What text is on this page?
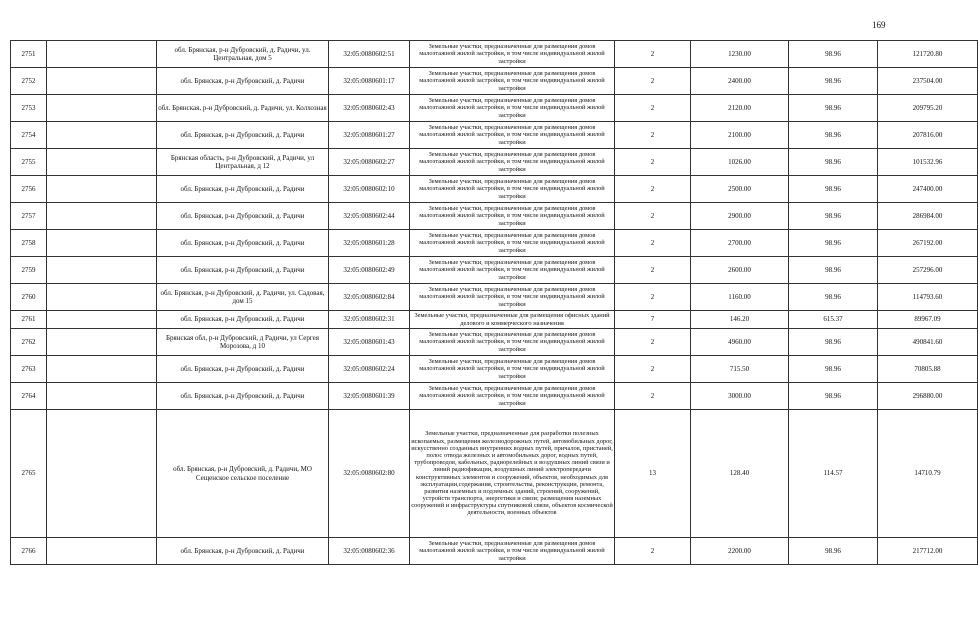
169
2751		обл. Брянская, р-н Дубровский, д. Радичи, ул. Центральная, дом 5	32:05:0080602:51	Земельные участки, предназначенные для размещения домов малоэтажной жилой застройки, в том числе индивидуальной жилой застройки	2	1230.00	98.96	121720.80
2752		обл. Брянская, р-н Дубровский, д. Радичи	32:05:0080601:17	Земельные участки, предназначенные для размещения домов малоэтажной жилой застройки, в том числе индивидуальной жилой застройки	2	2400.00	98.96	237504.00
2753		обл. Брянская, р-н Дубровский, д. Радичи, ул. Колхозная	32:05:0080602:43	Земельные участки, предназначенные для размещения домов малоэтажной жилой застройки, в том числе индивидуальной жилой застройки	2	2120.00	98.96	209795.20
2754		обл. Брянская, р-н Дубровский, д. Радичи	32:05:0080601:27	Земельные участки, предназначенные для размещения домов малоэтажной жилой застройки, в том числе индивидуальной жилой застройки	2	2100.00	98.96	207816.00
2755		Брянская область, р-н Дубровский, д Радичи, ул Центральная, д 12	32:05:0080602:27	Земельные участки, предназначенные для размещения домов малоэтажной жилой застройки, в том числе индивидуальной жилой застройки	2	1026.00	98.96	101532.96
2756		обл. Брянская, р-н Дубровский, д. Радичи	32:05:0080602:10	Земельные участки, предназначенные для размещения домов малоэтажной жилой застройки, в том числе индивидуальной жилой застройки	2	2500.00	98.96	247400.00
2757		обл. Брянская, р-н Дубровский, д. Радичи	32:05:0080602:44	Земельные участки, предназначенные для размещения домов малоэтажной жилой застройки, в том числе индивидуальной жилой застройки	2	2900.00	98.96	286984.00
2758		обл. Брянская, р-н Дубровский, д. Радичи	32:05:0080601:28	Земельные участки, предназначенные для размещения домов малоэтажной жилой застройки, в том числе индивидуальной жилой застройки	2	2700.00	98.96	267192.00
2759		обл. Брянская, р-н Дубровский, д. Радичи	32:05:0080602:49	Земельные участки, предназначенные для размещения домов малоэтажной жилой застройки, в том числе индивидуальной жилой застройки	2	2600.00	98.96	257296.00
2760		обл. Брянская, р-н Дубровский, д. Радичи, ул. Садовая, дом 15	32:05:0080602:84	Земельные участки, предназначенные для размещения домов малоэтажной жилой застройки, в том числе индивидуальной жилой застройки	2	1160.00	98.96	114793.60
2761		обл. Брянская, р-н Дубровский, д. Радичи	32:05:0080602:31	Земельные участки, предназначенные для размещения офисных зданий делового и коммерческого назначения	7	146.20	615.37	89967.09
2762		Брянская обл, р-н Дубровский, д Радичи, ул Сергея Морозова, д 10	32:05:0080601:43	Земельные участки, предназначенные для размещения домов малоэтажной жилой застройки, в том числе индивидуальной жилой застройки	2	4960.00	98.96	490841.60
2763		обл. Брянская, р-н Дубровский, д. Радичи	32:05:0080602:24	Земельные участки, предназначенные для размещения домов малоэтажной жилой застройки, в том числе индивидуальной жилой застройки	2	715.50	98.96	70805.88
2764		обл. Брянская, р-н Дубровский, д. Радичи	32:05:0080601:39	Земельные участки, предназначенные для размещения домов малоэтажной жилой застройки, в том числе индивидуальной жилой застройки	2	3000.00	98.96	296880.00
2765		обл. Брянская, р-н Дубровский, д. Радичи, МО Сещенское сельское поселение	32:05:0080602:80	Земельные участки, предназначенные для разработки полезных ископаемых, размещения железнодорожных путей, автомобильных дорог, искусственно созданных внутренних водных путей, причалов, пристаней, полос отвода железных и автомобильных дорог, водных путей, трубопроводов, кабельных, радиорелейных и воздушных линий связи и линий радиофикации, воздушных линий электропередачи конструктивных элементов и сооружений, объектов, необходимых для эксплуатации,содержания, строительства, реконструкции, ремонта, развития наземных и подземных зданий, строений, сооружений, устройств транспорта, энергетики и связи; размещения наземных сооружений и инфраструктуры спутниковой связи, объектов космической деятельности, военных объектов	13	128.40	114.57	14710.79
2766		обл. Брянская, р-н Дубровский, д. Радичи	32:05:0080602:36	Земельные участки, предназначенные для размещения домов малоэтажной жилой застройки, в том числе индивидуальной жилой застройки	2	2200.00	98.96	217712.00
